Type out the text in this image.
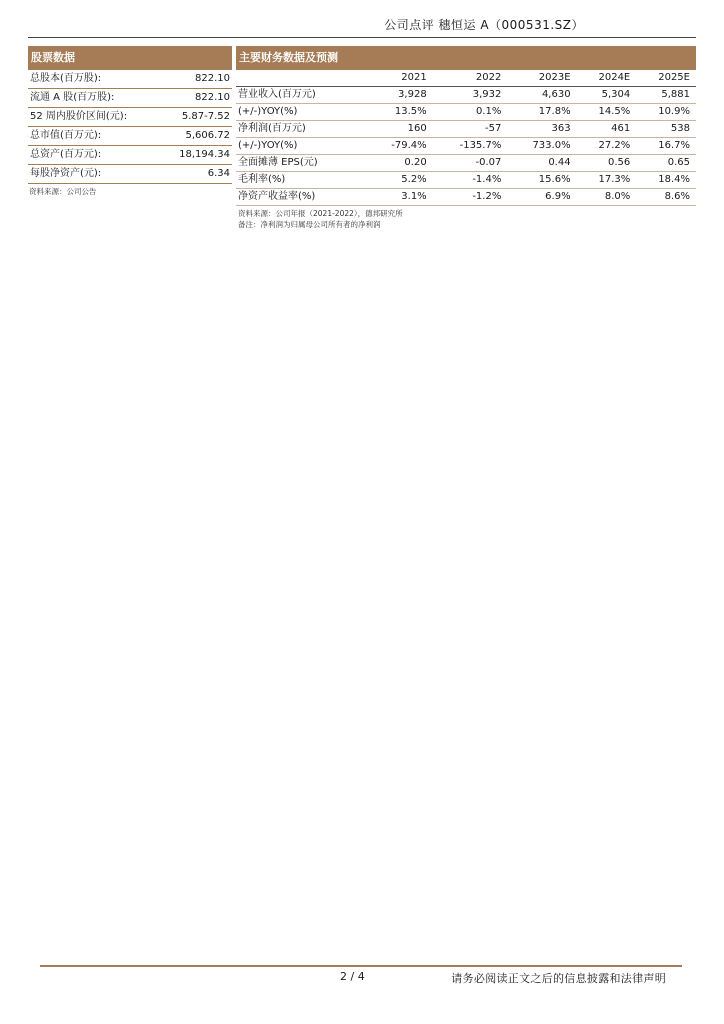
公司点评 穗恒运 A（000531.SZ）
股票数据
总股本(百万股):	822.10
流通 A 股(百万股):	822.10
52 周内股价区间(元):	5.87-7.52
总市值(百万元):	5,606.72
总资产(百万元):	18,194.34
每股净资产(元):	6.34
资料来源：公司公告
主要财务数据及预测
	2021	2022	2023E	2024E	2025E
营业收入(百万元)	3,928	3,932	4,630	5,304	5,881
(+/-)YOY(%)	13.5%	0.1%	17.8%	14.5%	10.9%
净利润(百万元)	160	-57	363	461	538
(+/-)YOY(%)	-79.4%	-135.7%	733.0%	27.2%	16.7%
全面摊薄 EPS(元)	0.20	-0.07	0.44	0.56	0.65
毛利率(%)	5.2%	-1.4%	15.6%	17.3%	18.4%
净资产收益率(%)	3.1%	-1.2%	6.9%	8.0%	8.6%
资料来源：公司年报（2021-2022），德邦研究所
备注：净利润为归属母公司所有者的净利润
2 / 4	请务必阅读正文之后的信息披露和法律声明
